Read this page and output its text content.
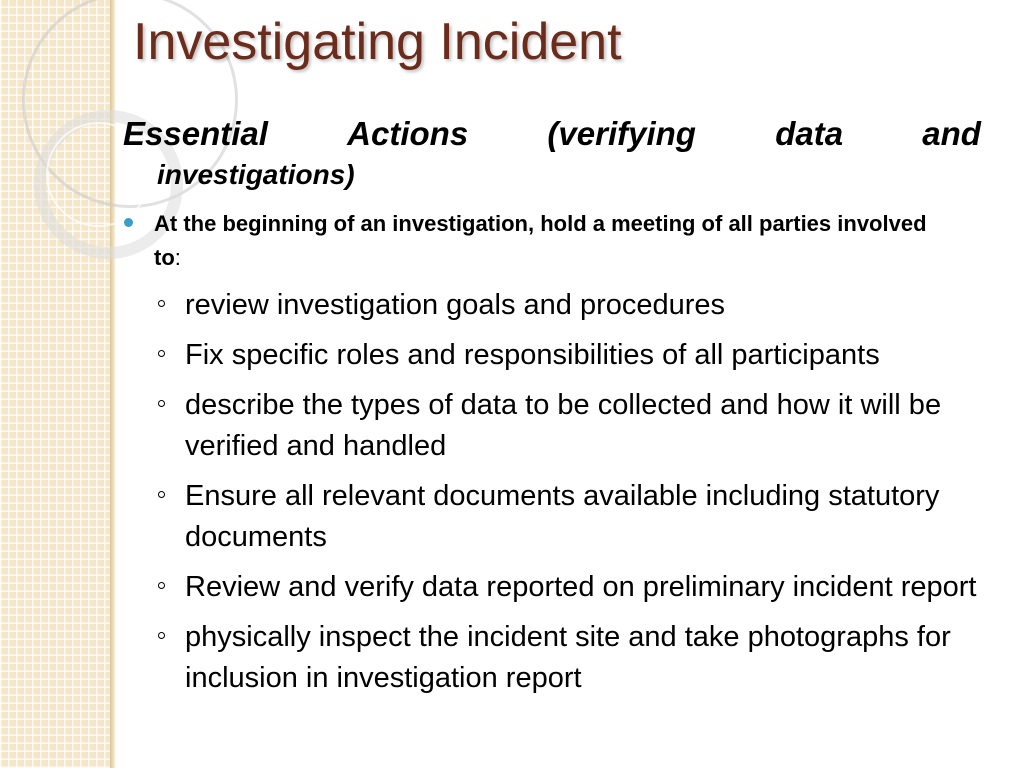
Investigating Incident
Essential Actions (verifying data and
investigations)
At the beginning of an investigation, hold a meeting of all parties involved to:
review investigation goals and procedures
Fix specific roles and responsibilities of all participants
describe the types of data to be collected and how it will be verified and handled
Ensure all relevant documents available including statutory documents
Review and verify data reported on preliminary incident report
physically inspect the incident site and take photographs for inclusion in investigation report
